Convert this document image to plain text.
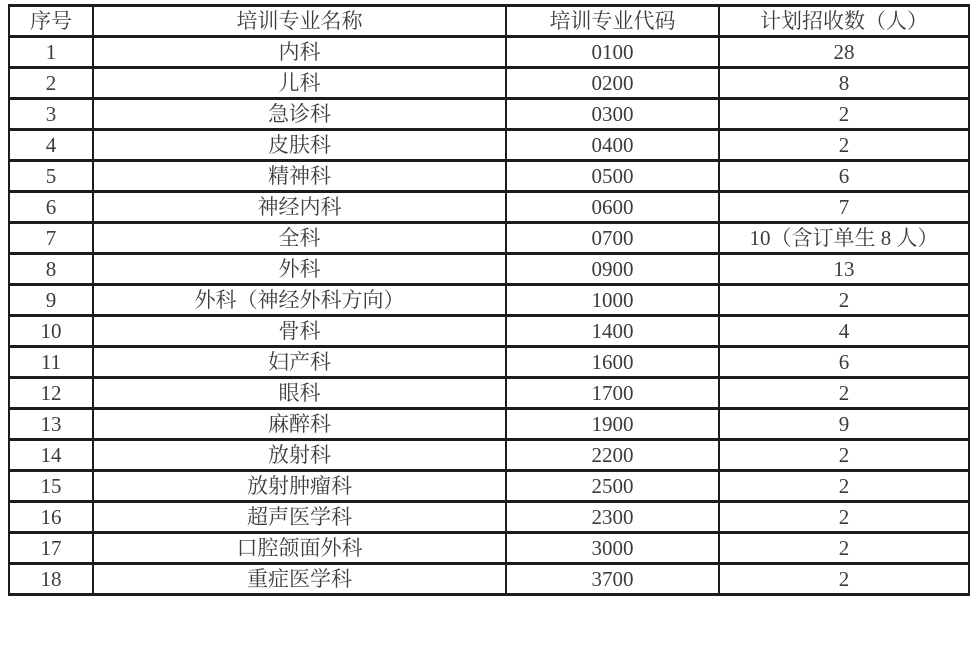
序号	培训专业名称	培训专业代码	计划招收数（人）
1	内科	0100	28
2	儿科	0200	8
3	急诊科	0300	2
4	皮肤科	0400	2
5	精神科	0500	6
6	神经内科	0600	7
7	全科	0700	10（含订单生 8 人）
8	外科	0900	13
9	外科（神经外科方向）	1000	2
10	骨科	1400	4
11	妇产科	1600	6
12	眼科	1700	2
13	麻醉科	1900	9
14	放射科	2200	2
15	放射肿瘤科	2500	2
16	超声医学科	2300	2
17	口腔颌面外科	3000	2
18	重症医学科	3700	2
